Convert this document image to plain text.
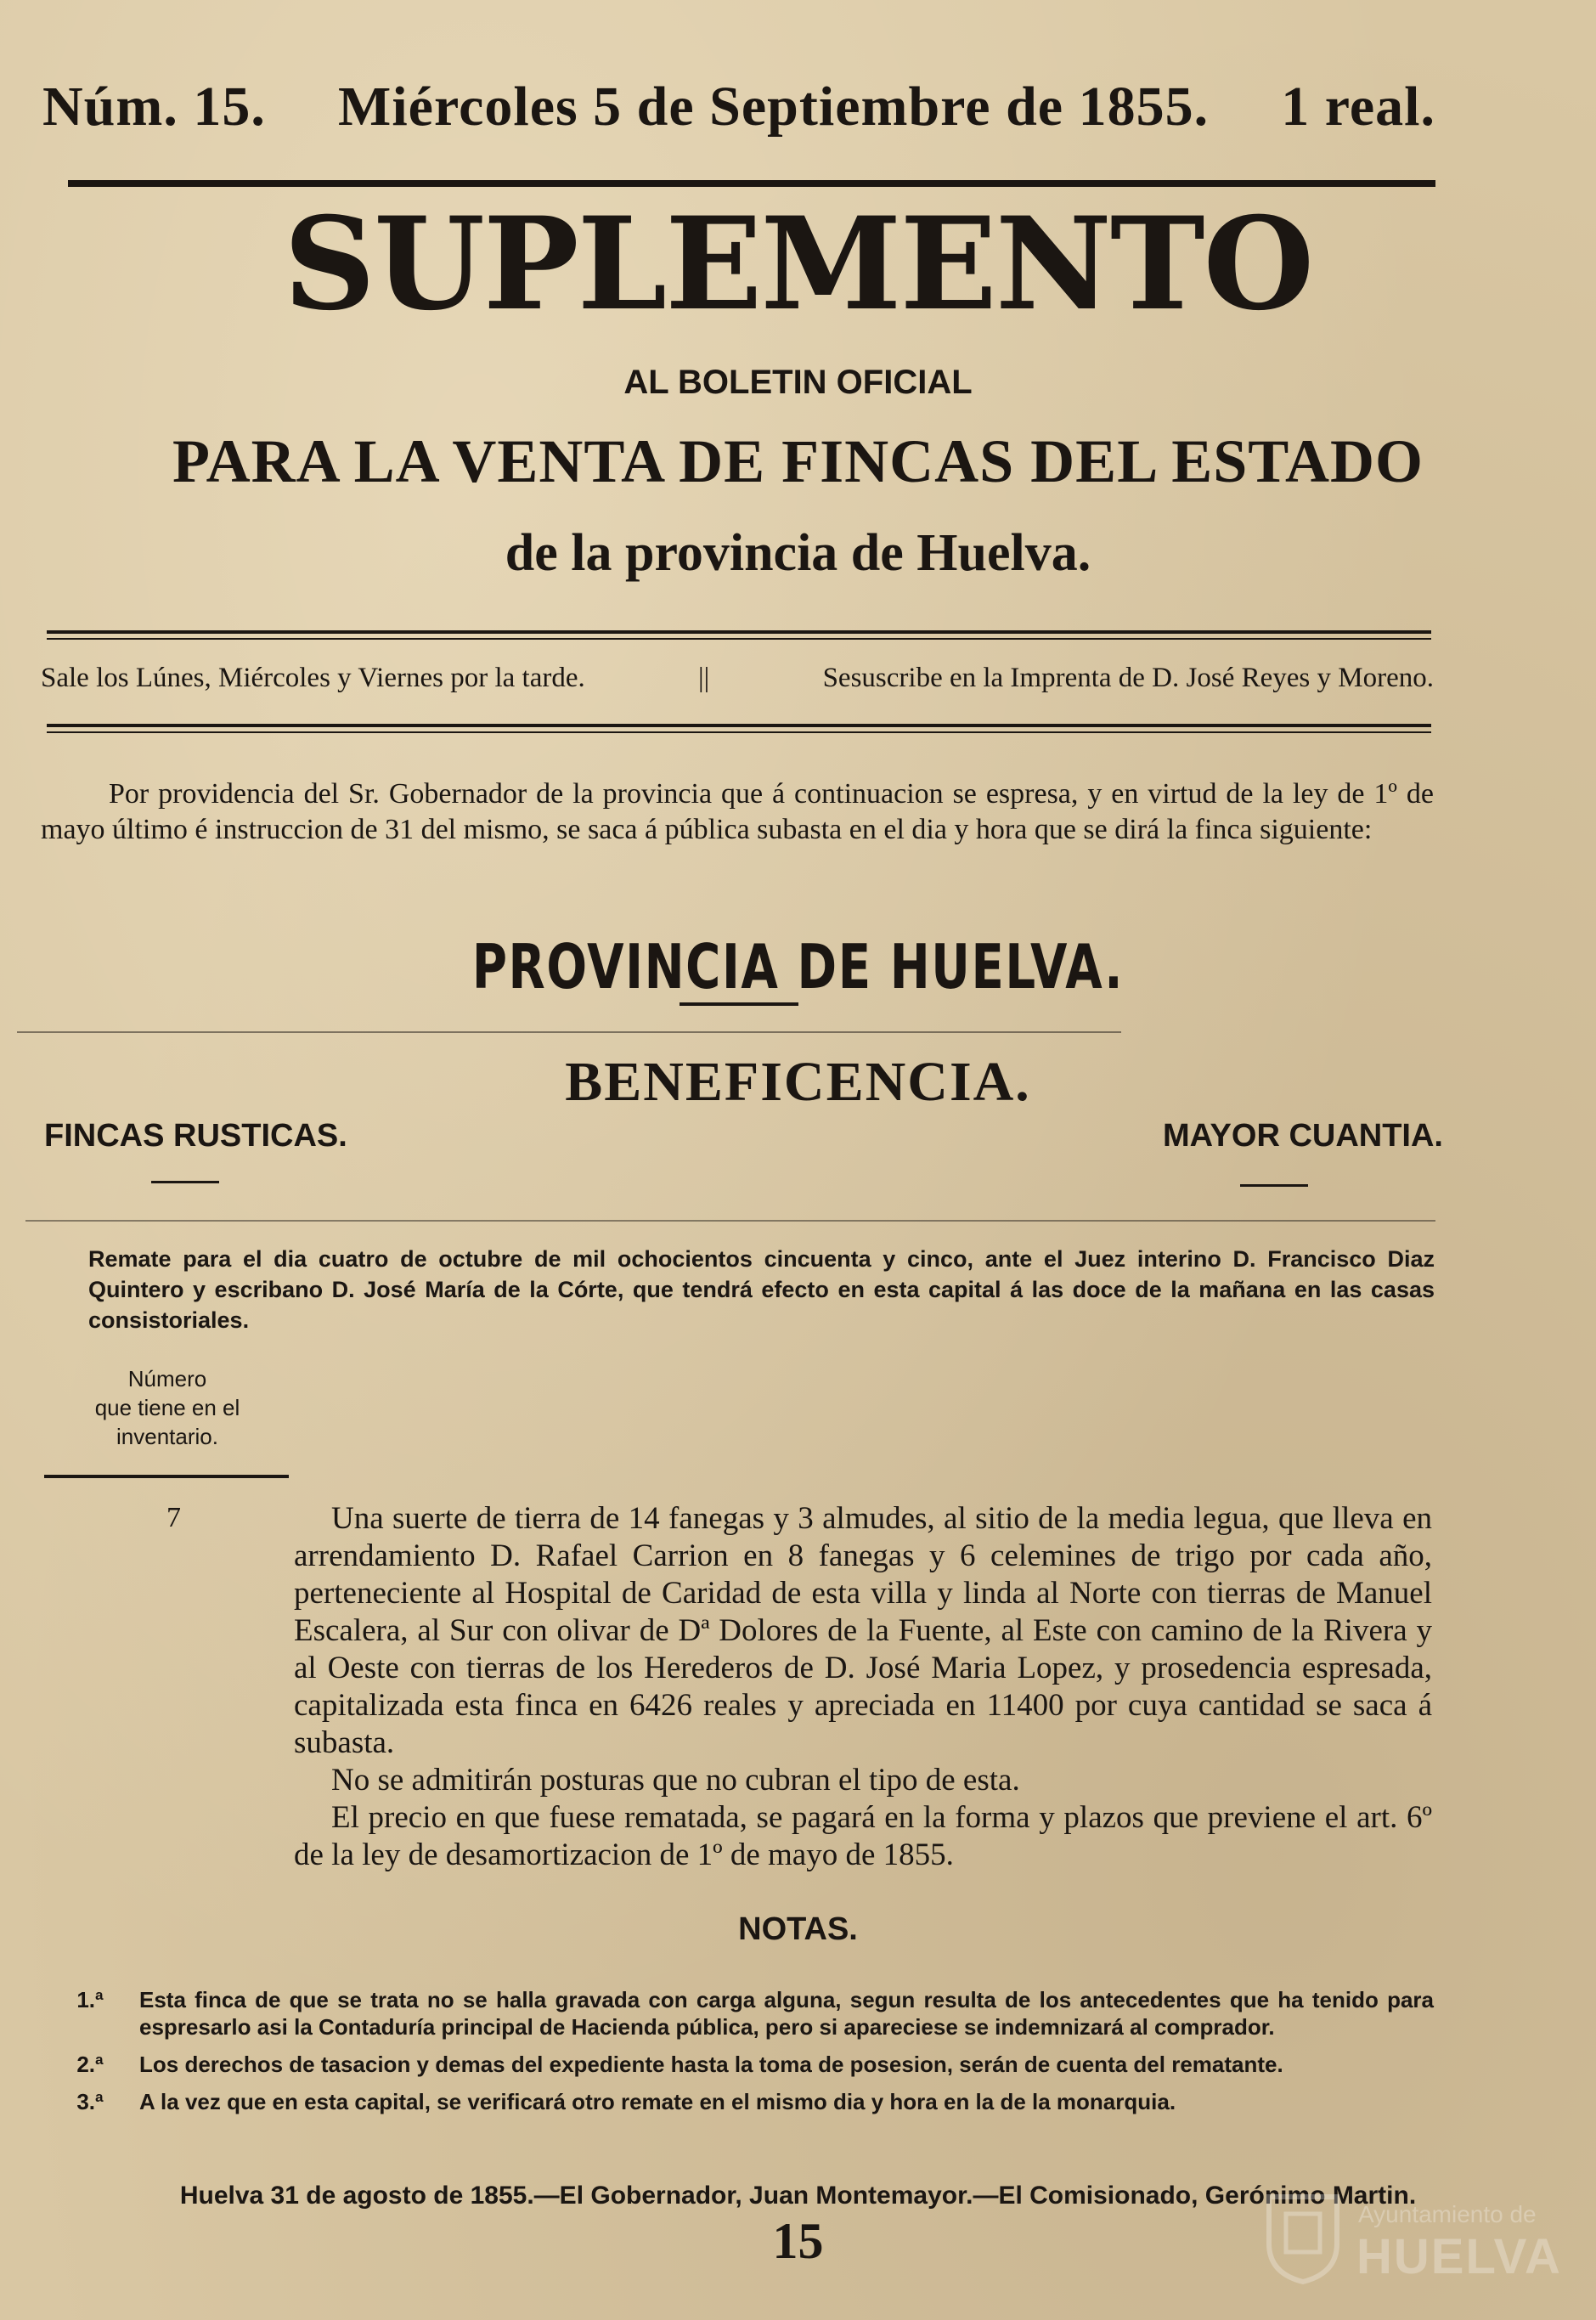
Núm. 15. Miércoles 5 de Septiembre de 1855. 1 real.
SUPLEMENTO
AL BOLETIN OFICIAL
PARA LA VENTA DE FINCAS DEL ESTADO
de la provincia de Huelva.
Sale los Lúnes, Miércoles y Viernes por la tarde.	||	Sesuscribe en la Imprenta de D. José Reyes y Moreno.
Por providencia del Sr. Gobernador de la provincia que á continuacion se espresa, y en virtud de la ley de 1º de mayo último é instruccion de 31 del mismo, se saca á pública subasta en el dia y hora que se dirá la finca siguiente:
PROVINCIA DE HUELVA.
BENEFICENCIA.
FINCAS RUSTICAS.	MAYOR CUANTIA.
Remate para el dia cuatro de octubre de mil ochocientos cincuenta y cinco, ante el Juez interino D. Francisco Diaz Quintero y escribano D. José María de la Córte, que tendrá efecto en esta capital á las doce de la mañana en las casas consistoriales.
Número
que tiene en el
inventario.
7	Una suerte de tierra de 14 fanegas y 3 almudes, al sitio de la media legua, que lleva en arrendamiento D. Rafael Carrion en 8 fanegas y 6 celemines de trigo por cada año, perteneciente al Hospital de Caridad de esta villa y linda al Norte con tierras de Manuel Escalera, al Sur con olivar de Dª Dolores de la Fuente, al Este con camino de la Rivera y al Oeste con tierras de los Herederos de D. José Maria Lopez, y prosedencia espresada, capitalizada esta finca en 6426 reales y apreciada en 11400 por cuya cantidad se saca á subasta.

No se admitirán posturas que no cubran el tipo de esta.

El precio en que fuese rematada, se pagará en la forma y plazos que previene el art. 6º de la ley de desamortizacion de 1º de mayo de 1855.

NOTAS.
1.ª	Esta finca de que se trata no se halla gravada con carga alguna, segun resulta de los antecedentes que ha tenido para espresarlo asi la Contaduría principal de Hacienda pública, pero si apareciese se indemnizará al comprador.
2.ª	Los derechos de tasacion y demas del expediente hasta la toma de posesion, serán de cuenta del rematante.
3.ª	A la vez que en esta capital, se verificará otro remate en el mismo dia y hora en la de la monarquia.
Huelva 31 de agosto de 1855.—El Gobernador, Juan Montemayor.—El Comisionado, Gerónimo Martin.
15	Ayuntamiento de
HUELVA
